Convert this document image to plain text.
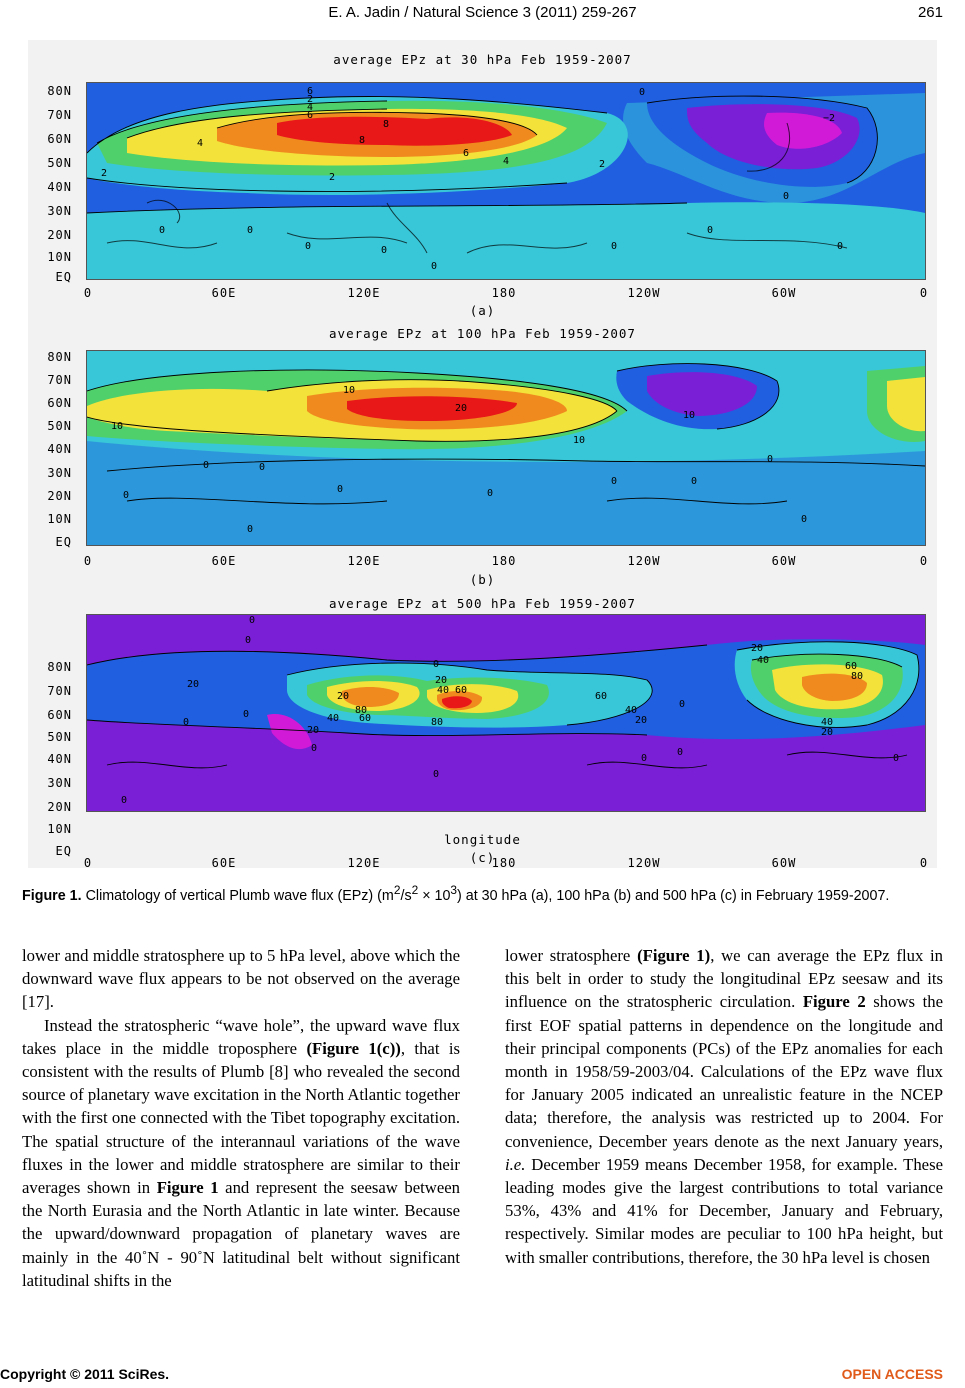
E. A. Jadin / Natural Science 3 (2011) 259-267	261
average EPz at 30 hPa Feb 1959-2007
2
4
6
8
8
6
4	2
2
2
4
6	0
0
0	0
0
0	0
0
−2
0
0
80N
70N
60N
50N
40N
30N
20N
10N
EQ
0	60E	120E	180	120W	60W	0
(a)
average EPz at 100 hPa Feb 1959-2007
10
10
20
10
10
0	0
0
0	0
0
0	0
0
0
80N
70N
60N
50N
40N
30N
20N
10N
EQ
0	60E	120E	180	120W	60W	0
(b)
average EPz at 500 hPa Feb 1959-2007
0
0
20
0
0
20
40 60
80
20
0
40 60
20
80
60
40
20
0
0
0
0
20
40
60
80
40
20
0
0
0
80N
70N
60N
50N
40N
30N
20N
10N
EQ
0	60E	120E	180	120W	60W	0
longitude
(c)
Figure 1. Climatology of vertical Plumb wave flux (EPz) $(m^2/s^2 \times 10^3)$ at 30 hPa (a), 100 hPa (b) and 500 hPa (c) in February 1959-2007.

lower and middle stratosphere up to 5 hPa level, above which the downward wave flux appears to be not observed on the average [17].

Instead the stratospheric “wave hole”, the upward wave flux takes place in the middle troposphere (Figure 1(c)), that is consistent with the results of Plumb [8] who revealed the second source of planetary wave excitation in the North Atlantic together with the first one connected with the Tibet topography excitation. The spatial structure of the interannaul variations of the wave fluxes in the lower and middle stratosphere are similar to their averages shown in Figure 1 and represent the seesaw between the North Eurasia and the North Atlantic in late winter. Because the upward/downward propagation of planetary waves are mainly in the 40˚N - 90˚N latitudinal belt without significant latitudinal shifts in the

lower stratosphere (Figure 1), we can average the EPz flux in this belt in order to study the longitudinal EPz seesaw and its influence on the stratospheric circulation. Figure 2 shows the first EOF spatial patterns in dependence on the longitude and their principal components (PCs) of the EPz anomalies for each month in 1958/59-2003/04. Calculations of the EPz wave flux for January 2005 indicated an unrealistic feature in the NCEP data; therefore, the analysis was restricted up to 2004. For convenience, December years denote as the next January years, i.e. December 1959 means December 1958, for example. These leading modes give the largest contributions to total variance 53%, 43% and 41% for December, January and February, respectively. Similar modes are peculiar to 100 hPa height, but with smaller contributions, therefore, the 30 hPa level is chosen

Copyright © 2011 SciRes.	OPEN ACCESS
